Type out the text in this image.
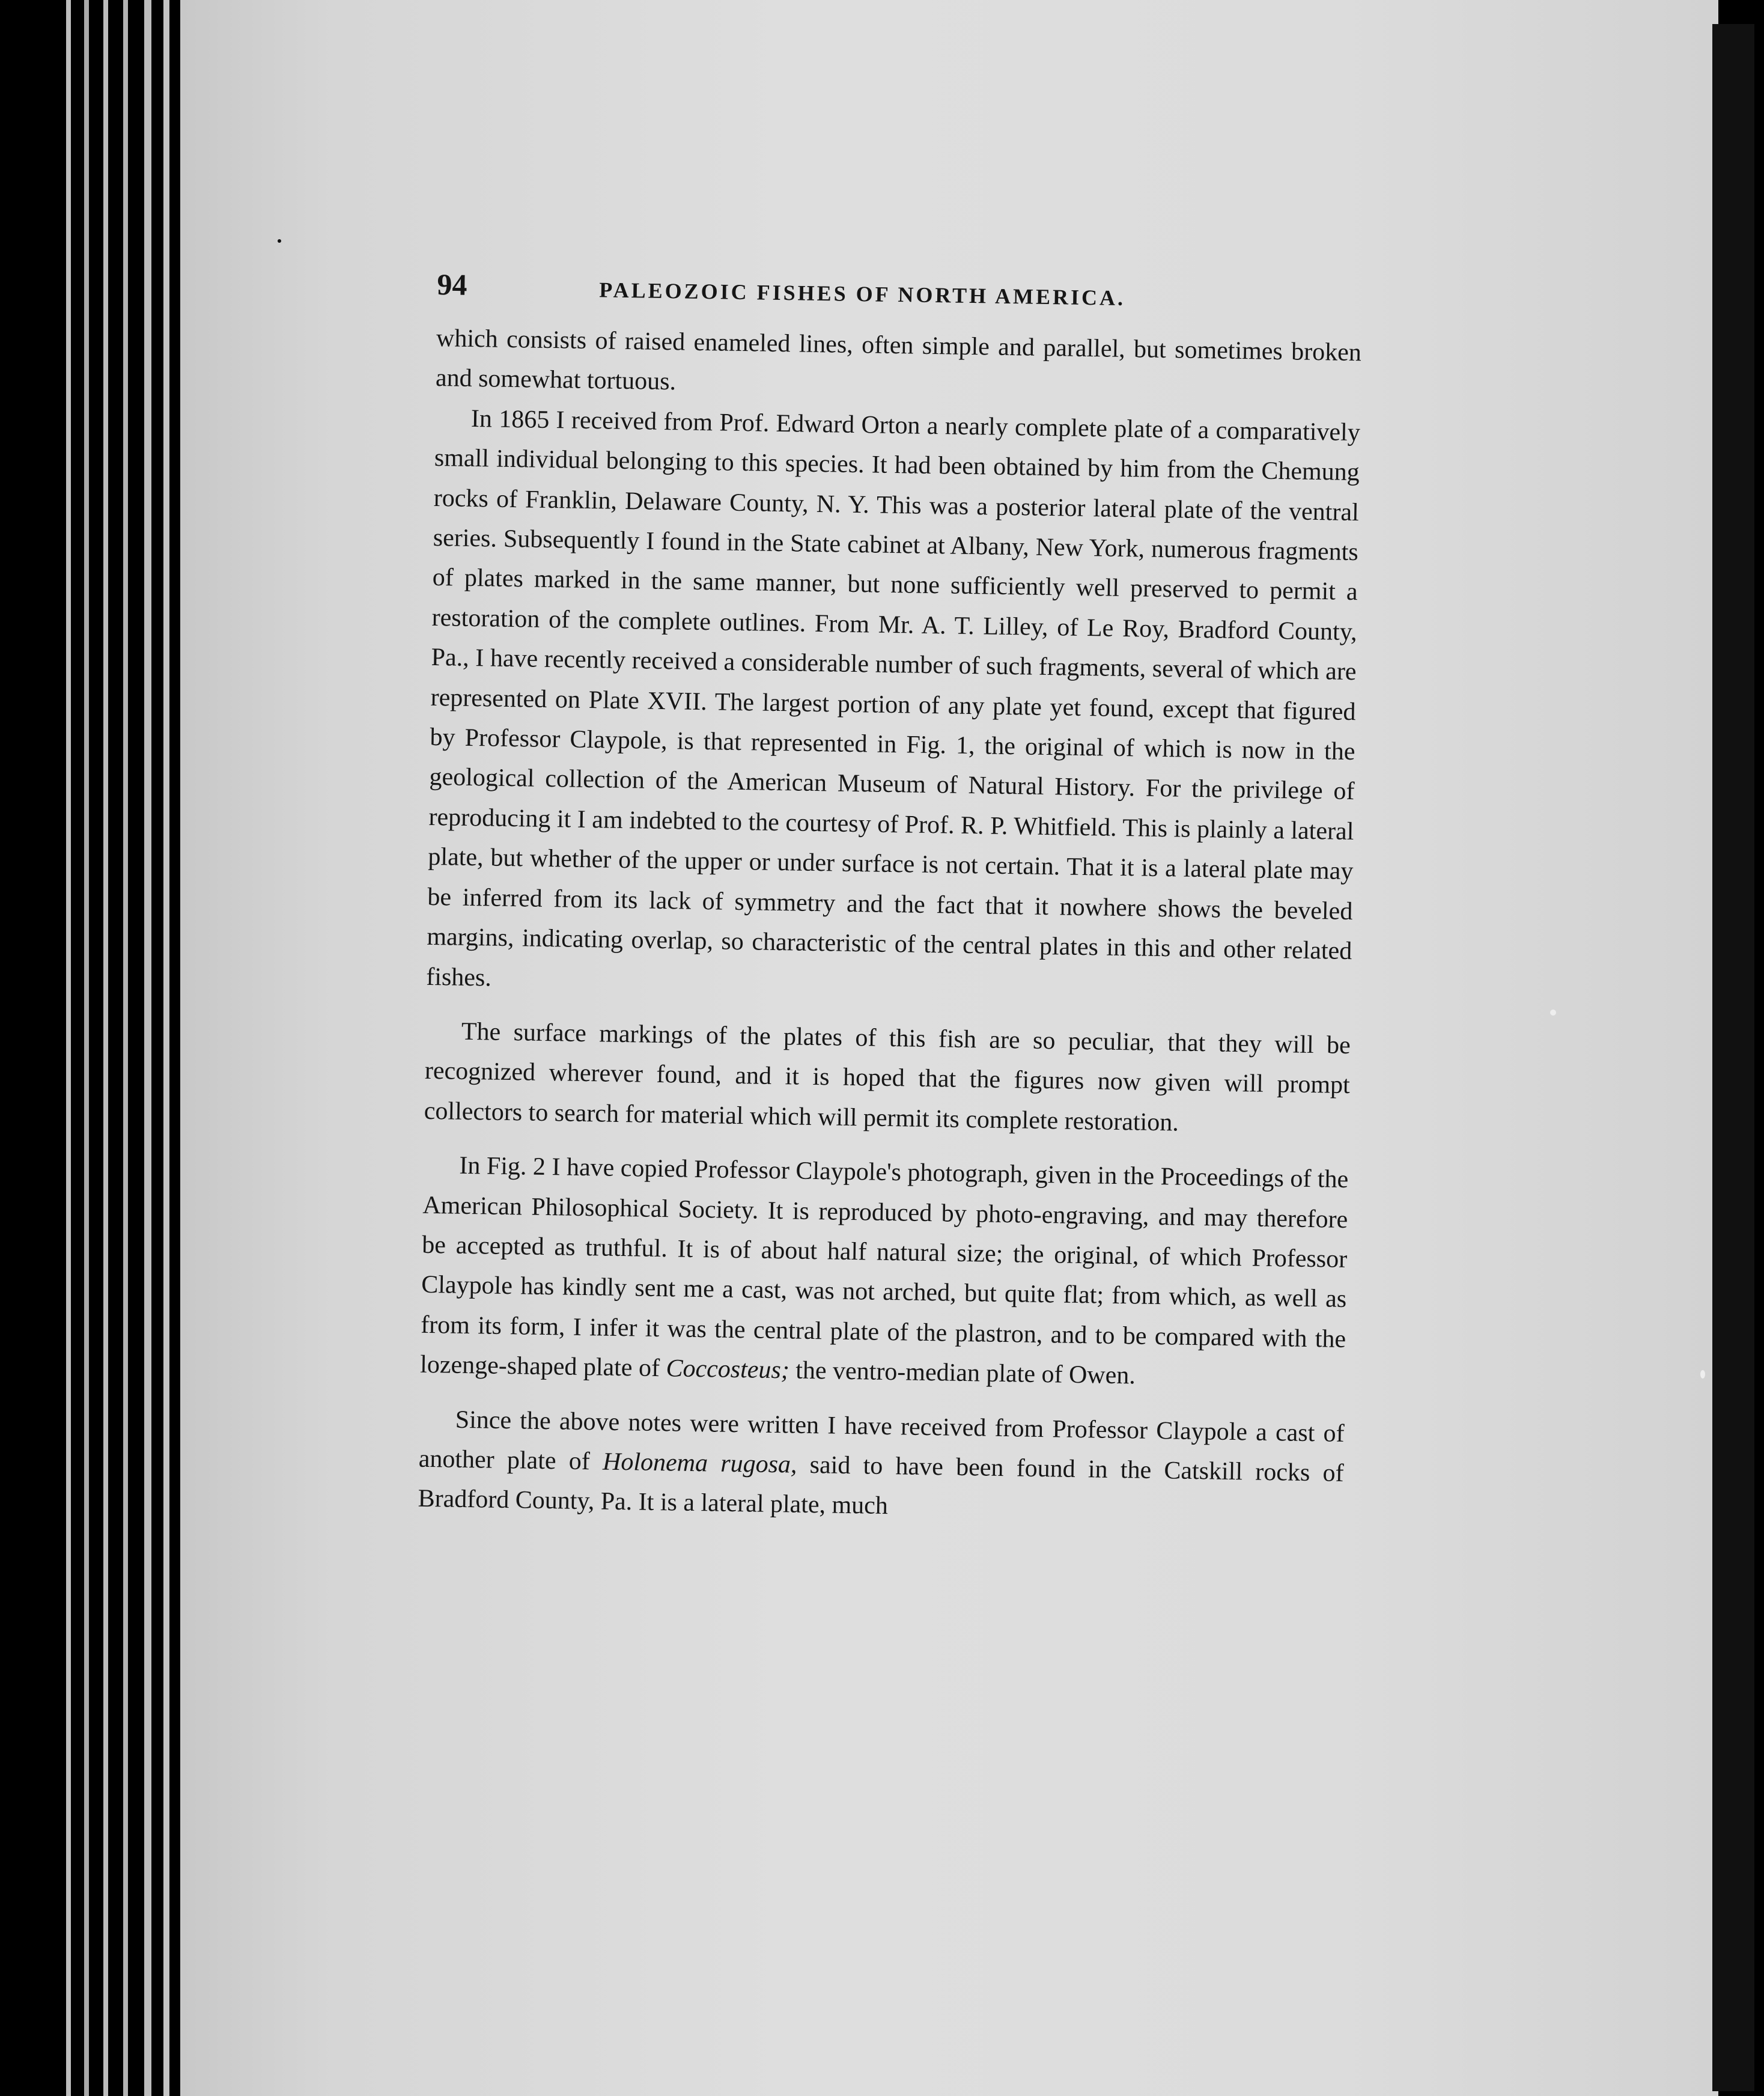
94	PALEOZOIC FISHES OF NORTH AMERICA.

which consists of raised enameled lines, often simple and parallel, but sometimes broken and somewhat tortuous.

In 1865 I received from Prof. Edward Orton a nearly complete plate of a comparatively small individual belonging to this species. It had been obtained by him from the Chemung rocks of Franklin, Delaware County, N. Y. This was a posterior lateral plate of the ventral series. Subsequently I found in the State cabinet at Albany, New York, numerous fragments of plates marked in the same manner, but none sufficiently well preserved to permit a restoration of the complete outlines. From Mr. A. T. Lilley, of Le Roy, Bradford County, Pa., I have recently received a considerable number of such fragments, several of which are represented on Plate XVII. The largest portion of any plate yet found, except that figured by Professor Claypole, is that represented in Fig. 1, the original of which is now in the geological collection of the American Museum of Natural History. For the privilege of reproducing it I am indebted to the courtesy of Prof. R. P. Whitfield. This is plainly a lateral plate, but whether of the upper or under surface is not certain. That it is a lateral plate may be inferred from its lack of symmetry and the fact that it nowhere shows the beveled margins, indicating overlap, so characteristic of the central plates in this and other related fishes.

The surface markings of the plates of this fish are so peculiar, that they will be recognized wherever found, and it is hoped that the figures now given will prompt collectors to search for material which will permit its complete restoration.

In Fig. 2 I have copied Professor Claypole's photograph, given in the Proceedings of the American Philosophical Society. It is reproduced by photo-engraving, and may therefore be accepted as truthful. It is of about half natural size; the original, of which Professor Claypole has kindly sent me a cast, was not arched, but quite flat; from which, as well as from its form, I infer it was the central plate of the plastron, and to be compared with the lozenge-shaped plate of Coccosteus; the ventro-median plate of Owen.

Since the above notes were written I have received from Professor Claypole a cast of another plate of Holonema rugosa, said to have been found in the Catskill rocks of Bradford County, Pa. It is a lateral plate, much
